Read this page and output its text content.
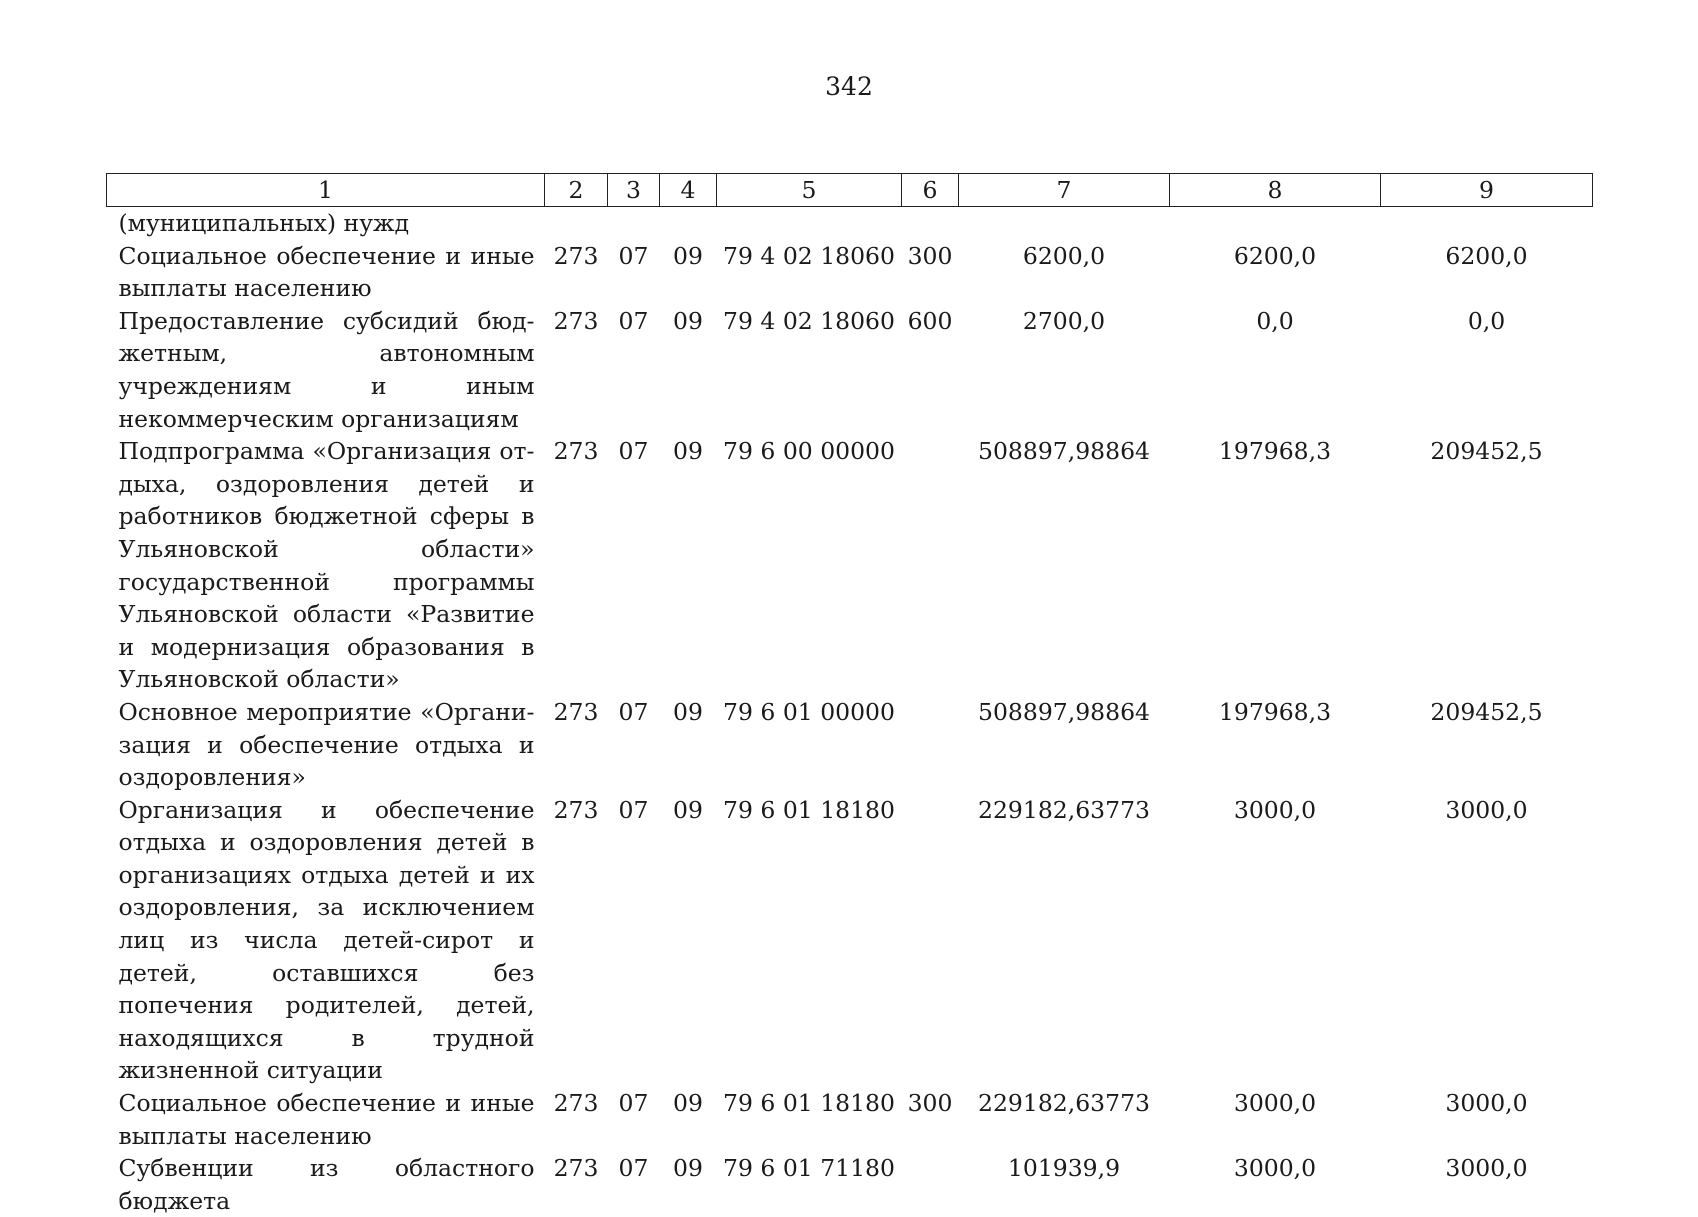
342
1	2	3	4	5	6	7	8	9
(муниципальных) нужд								
Социальное обеспечение и иные выплаты населению	273	07	09	79 4 02 18060	300	6200,0	6200,0	6200,0
Предоставление субсидий бюджетным, автономным учреждениям и иным некоммерческим организациям	273	07	09	79 4 02 18060	600	2700,0	0,0	0,0
Подпрограмма «Организация отдыха, оздоровления детей и работников бюджетной сферы в Ульяновской области» государственной программы Ульяновской области «Развитие и модернизация образования в Ульяновской области»	273	07	09	79 6 00 00000		508897,98864	197968,3	209452,5
Основное мероприятие «Организация и обеспечение отдыха и оздоровления»	273	07	09	79 6 01 00000		508897,98864	197968,3	209452,5
Организация и обеспечение отдыха и оздоровления детей в организациях отдыха детей и их оздоровления, за исключением лиц из числа детей-сирот и детей, оставшихся без попечения родителей, детей, находящихся в трудной жизненной ситуации	273	07	09	79 6 01 18180		229182,63773	3000,0	3000,0
Социальное обеспечение и иные выплаты населению	273	07	09	79 6 01 18180	300	229182,63773	3000,0	3000,0
Субвенции из областного бюджета	273	07	09	79 6 01 71180		101939,9	3000,0	3000,0
